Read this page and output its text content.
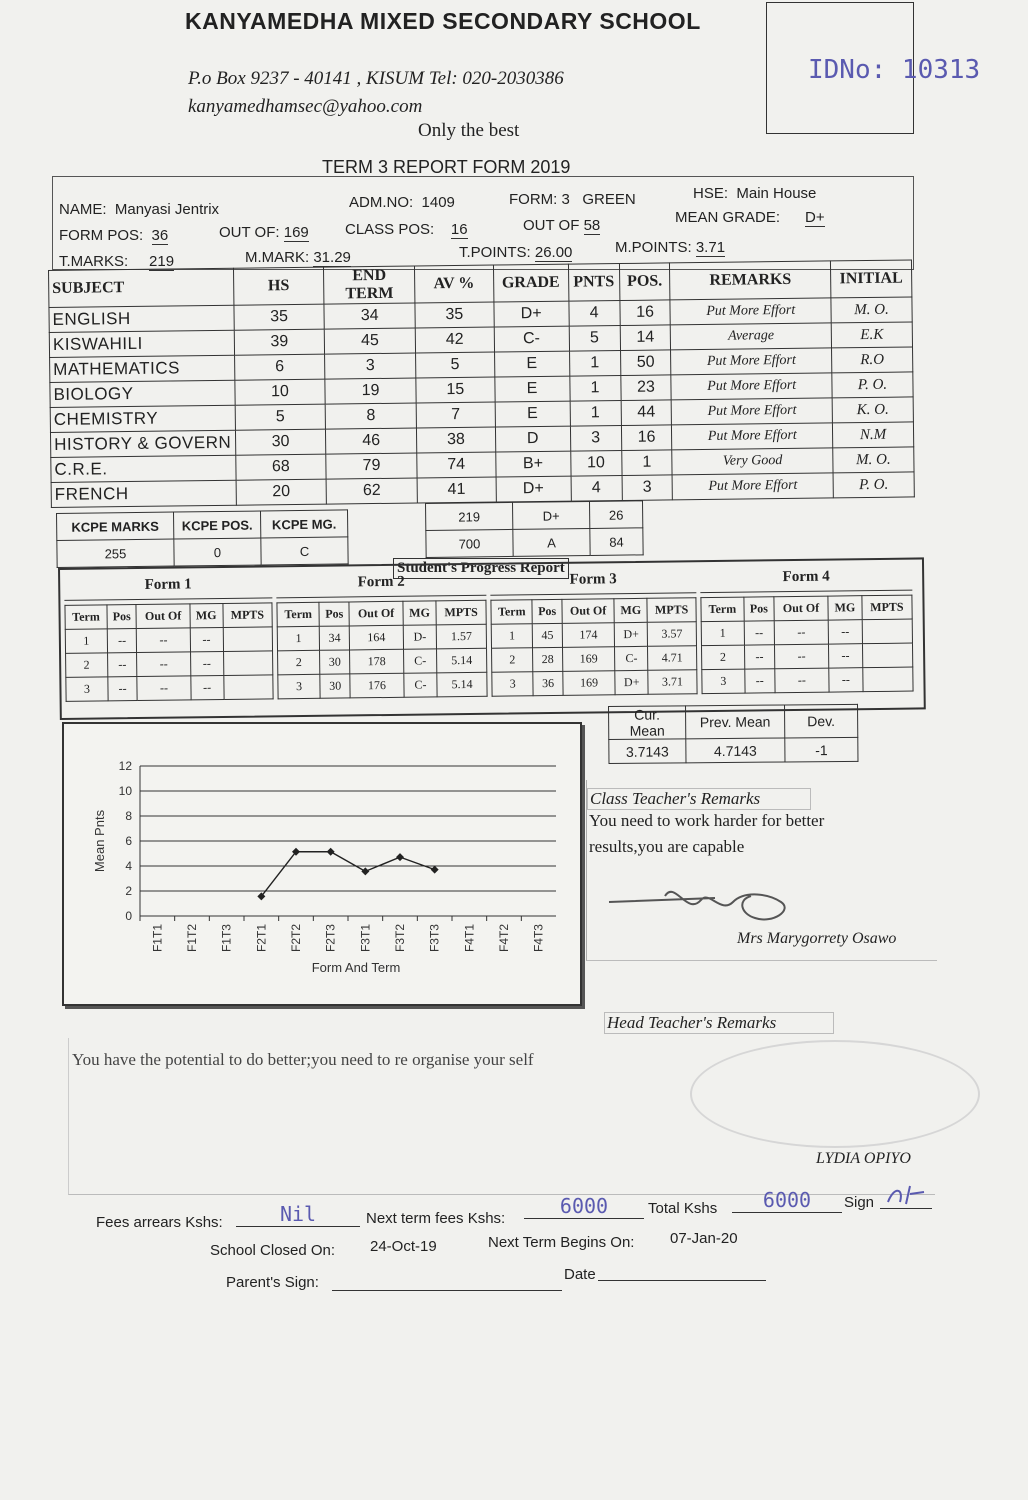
KANYAMEDHA MIXED SECONDARY SCHOOL
P.o Box 9237 - 40141 , KISUM Tel: 020-2030386
kanyamedhamsec@yahoo.com
Only the best
IDNo: 10313
TERM 3 REPORT FORM 2019
NAME: Manyasi Jentrix	ADM.NO: 1409	FORM: 3 GREEN	HSE: Main House
FORM POS: 36	OUT OF: 169 CLASS POS: 16	OUT OF 58	MEAN GRADE: D+
T.MARKS: 219	M.MARK: 31.29	T.POINTS: 26.00	M.POINTS: 3.71
SUBJECT	HS	END TERM	AV %	GRADE	PNTS	POS.	REMARKS	INITIAL
ENGLISH	35	34	35	D+	4	16	Put More Effort	M. O.
KISWAHILI	39	45	42	C-	5	14	Average	E.K
MATHEMATICS	6	3	5	E	1	50	Put More Effort	R.O
BIOLOGY	10	19	15	E	1	23	Put More Effort	P. O.
CHEMISTRY	5	8	7	E	1	44	Put More Effort	K. O.
HISTORY & GOVERN	30	46	38	D	3	16	Put More Effort	N.M
C.R.E.	68	79	74	B+	10	1	Very Good	M. O.
FRENCH	20	62	41	D+	4	3	Put More Effort	P. O.
219	D+	26
700	A	84
KCPE MARKS	KCPE POS.	KCPE MG.
255	0	C
Student's Progress Report
Form 1
Term	Pos	Out Of	MG	MPTS
1	--	--	--	
2	--	--	--	
3	--	--	--	
Form 2
Term	Pos	Out Of	MG	MPTS
1	34	164	D-	1.57
2	30	178	C-	5.14
3	30	176	C-	5.14
Form 3
Term	Pos	Out Of	MG	MPTS
1	45	174	D+	3.57
2	28	169	C-	4.71
3	36	169	D+	3.71
Form 4
Term	Pos	Out Of	MG	MPTS
1	--	--	--	
2	--	--	--	
3	--	--	--	
Cur. Mean	Prev. Mean	Dev.
3.7143	4.7143	-1
0
2
4
6
8
10
12
F1T1 F1T2 F1T3 F2T1 F2T2 F2T3 F3T1 F3T2 F3T3 F4T1 F4T2 F4T3
Mean Pnts
Form And Term
Class Teacher's Remarks
You need to work harder for better results,you are capable
Mrs Marygorrety Osawo
Head Teacher's Remarks
You have the potential to do better;you need to re organise your self
LYDIA OPIYO
Fees arrears Kshs:	Nil	Next term fees Kshs:
6000	Total Kshs	6000	Sign
School Closed On: 24-Oct-19	Next Term Begins On: 07-Jan-20
Parent's Sign:	Date
